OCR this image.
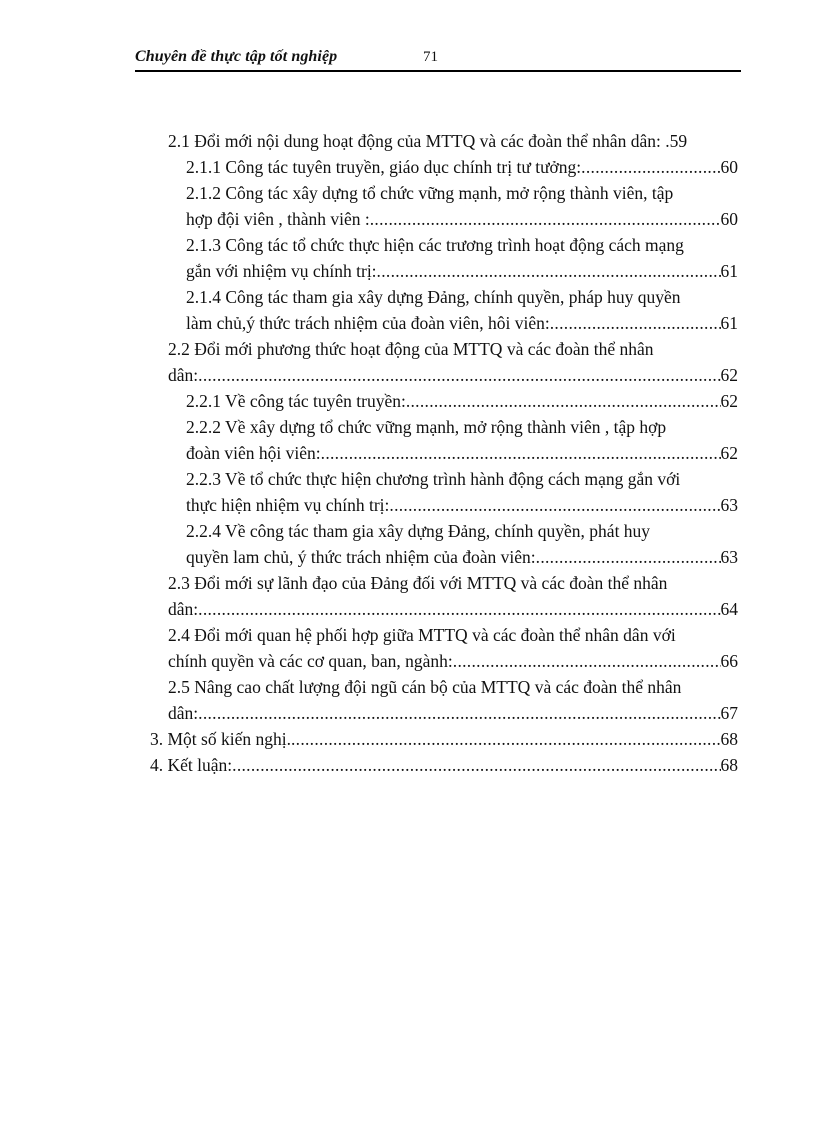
Chuyên đề thực tập tốt nghiệp	71
2.1 Đổi mới nội dung hoạt động của MTTQ và các đoàn thể nhân dân: .59
2.1.1 Công tác tuyên truyền, giáo dục chính trị tư tưởng: .....	60
2.1.2 Công tác xây dựng tổ chức vững mạnh, mở rộng thành viên, tập
hợp đội viên , thành viên : .....	60
2.1.3 Công tác tổ chức thực hiện các trương trình hoạt động cách mạng
gắn với nhiệm vụ chính trị: .....	61
2.1.4 Công tác tham gia xây dựng Đảng, chính quyền, pháp huy quyền
làm chủ,ý thức trách nhiệm của đoàn viên, hôi viên: .....	61
2.2 Đổi mới phương thức hoạt động của MTTQ và các đoàn thể nhân
dân: .....	62
2.2.1 Về công tác tuyên truyền: .....	62
2.2.2 Về xây dựng tổ chức vững mạnh, mở rộng thành viên , tập hợp
đoàn viên hội viên: .....	62
2.2.3 Về tổ chức thực hiện chương trình hành động cách mạng gắn với
thực hiện nhiệm vụ chính trị: .....	63
2.2.4 Về công tác tham gia xây dựng Đảng, chính quyền, phát huy
quyền lam chủ, ý thức trách nhiệm của đoàn viên: .....	63
2.3 Đổi mới sự lãnh đạo của Đảng đối với MTTQ và các đoàn thể nhân
dân: .....	64
2.4 Đổi mới quan hệ phối hợp giữa MTTQ và các đoàn thể nhân dân với
chính quyền và các cơ quan, ban, ngành: .....	66
2.5 Nâng cao chất lượng đội ngũ cán bộ của MTTQ và các đoàn thể nhân
dân: .....	67
3. Một số kiến nghị. .....	68
4. Kết luận: .....	68
